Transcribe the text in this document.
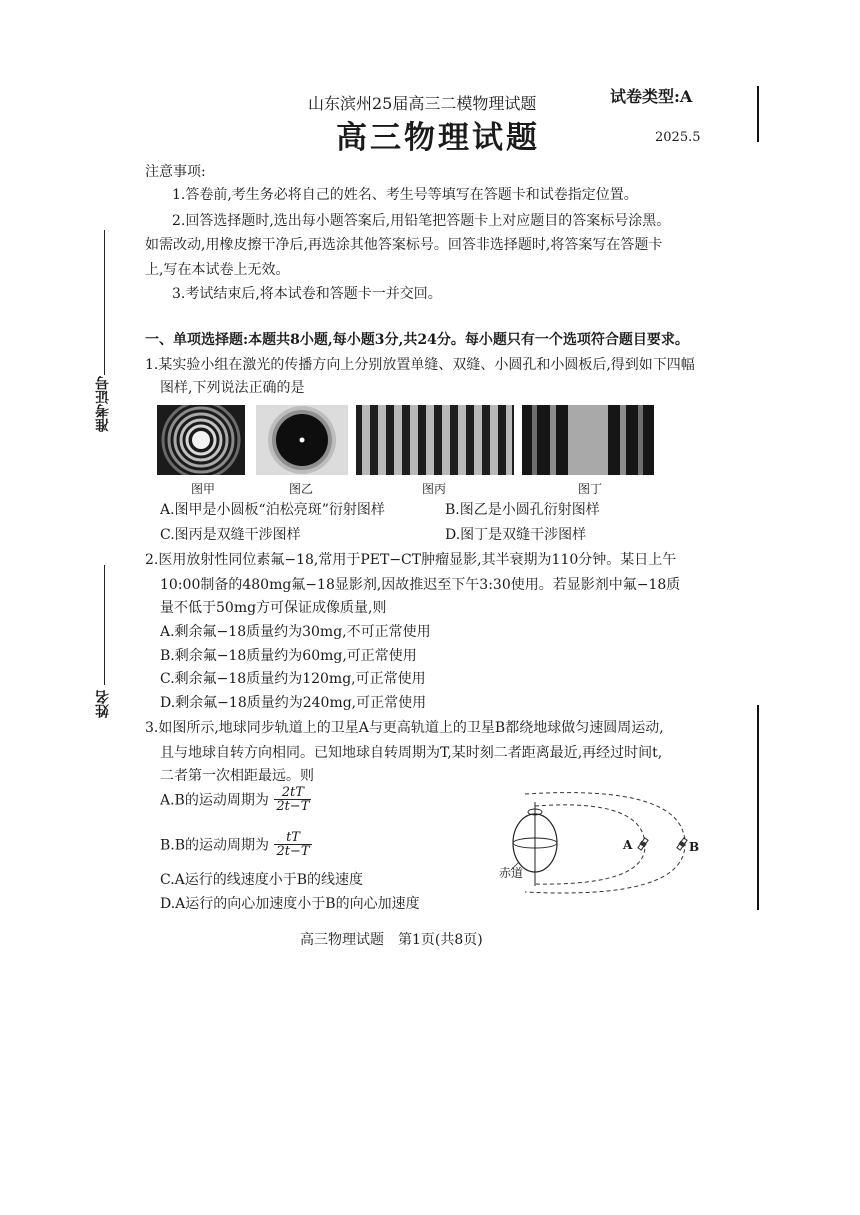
山东滨州25届高三二模物理试题	试卷类型:A
高三物理试题	2025.5
准考证号
姓名
注意事项:
1.答卷前,考生务必将自己的姓名、考生号等填写在答题卡和试卷指定位置。
2.回答选择题时,选出每小题答案后,用铅笔把答题卡上对应题目的答案标号涂黑。
如需改动,用橡皮擦干净后,再选涂其他答案标号。回答非选择题时,将答案写在答题卡
上,写在本试卷上无效。
3.考试结束后,将本试卷和答题卡一并交回。
一、单项选择题:本题共8小题,每小题3分,共24分。每小题只有一个选项符合题目要求。
1.某实验小组在激光的传播方向上分别放置单缝、双缝、小圆孔和小圆板后,得到如下四幅
图样,下列说法正确的是
图甲	图乙	图丙	图丁
A.图甲是小圆板“泊松亮斑”衍射图样	B.图乙是小圆孔衍射图样
C.图丙是双缝干涉图样	D.图丁是双缝干涉图样
2.医用放射性同位素氟−18,常用于PET−CT肿瘤显影,其半衰期为110分钟。某日上午
10:00制备的480mg氟−18显影剂,因故推迟至下午3:30使用。若显影剂中氟−18质
量不低于50mg方可保证成像质量,则
A.剩余氟−18质量约为30mg,不可正常使用
B.剩余氟−18质量约为60mg,可正常使用
C.剩余氟−18质量约为120mg,可正常使用
D.剩余氟−18质量约为240mg,可正常使用
3.如图所示,地球同步轨道上的卫星A与更高轨道上的卫星B都绕地球做匀速圆周运动,
且与地球自转方向相同。已知地球自转周期为T,某时刻二者距离最近,再经过时间t,
二者第一次相距最远。则
A.B的运动周期为 $\frac{2tT}{2t-T}$
B.B的运动周期为 $\frac{tT}{2t-T}$
C.A运行的线速度小于B的线速度
D.A运行的向心加速度小于B的向心加速度
赤道
A	B
高三物理试题　第1页(共8页)
